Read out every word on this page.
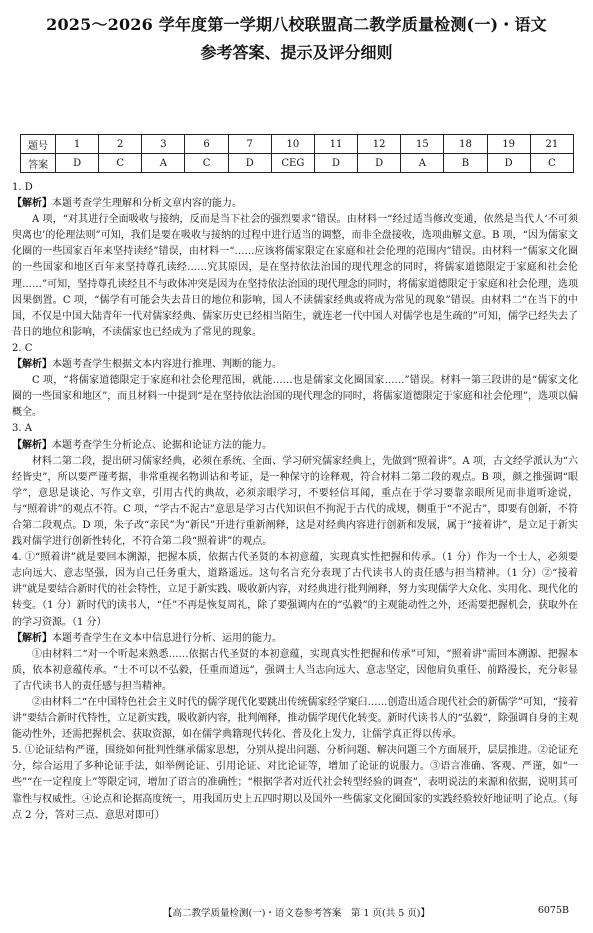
2025～2026 学年度第一学期八校联盟高二教学质量检测(一)・语文
参考答案、提示及评分细则
题号	1	2	3	6	7	10	11	12	15	18	19	21
答案	D	C	A	C	D	CEG	D	D	A	B	D	C

1. D

【解析】本题考查学生理解和分析文章内容的能力。

A 项，“对其进行全面吸收与接纳，反而是当下社会的强烈要求”错误。由材料一“经过适当修改变通，依然是当代人‘不可须臾离也’的伦理法则”可知，我们是要在吸收与接纳的过程中进行适当的调整，而非全盘接收，选项曲解文意。B 项，“因为儒家文化圈的一些国家百年来坚持读经”错误，由材料一“……应该将儒家限定在家庭和社会伦理的范围内”错误。由材料一“儒家文化圈的一些国家和地区百年来坚持尊孔读经……究其原因，是在坚持依法治国的现代理念的同时，将儒家道德限定于家庭和社会伦理……”可知，坚持尊孔读经且不与政体冲突是因为在坚持依法治国的现代理念的同时，将儒家道德限定于家庭和社会伦理，选项因果倒置。C 项，“儒学有可能会失去昔日的地位和影响，国人不读儒家经典或将成为常见的现象”错误。由材料二“在当下的中国，不仅是中国大陆青年一代对儒家经典、儒家历史已经相当陌生，就连老一代中国人对儒学也是生疏的”可知，儒学已经失去了昔日的地位和影响，不读儒家也已经成为了常见的现象。

2. C

【解析】本题考查学生根据文本内容进行推理、判断的能力。

C 项，“将儒家道德限定于家庭和社会伦理范围，就能……也是儒家文化圈国家……”错误。材料一第三段讲的是“儒家文化圈的一些国家和地区”，而且材料一中提到“是在坚持依法治国的现代理念的同时，将儒家道德限定于家庭和社会伦理”，选项以偏概全。

3. A

【解析】本题考查学生分析论点、论据和论证方法的能力。

材料二第二段，提出研习儒家经典，必须在系统、全面、学习研究儒家经典上，先做到“照着讲”。A 项，古文经学派认为“六经皆史”，所以要严谨考据，非常重视名物训诂和考证，是一种保守的诠释观，符合材料二第二段的观点。B 项，颜之推强调“眼学”，意思是谈论、写作文章，引用古代的典故，必须亲眼学习，不要轻信耳闻，重点在于学习要靠亲眼所见而非道听途说，与“照着讲”的观点不符。C 项，“学古不泥古”意思是学习古代知识但不拘泥于古代的成规，侧重于“不泥古”，即要有创新，不符合第二段观点。D 项，朱子改“亲民”为“新民”开进行重新阐释，这是对经典内容进行创新和发展，属于“接着讲”，是立足于新实践对儒学进行创新性转化，不符合第二段“照着讲”的观点。

4. ①“照着讲”就是要回本溯源，把握本质，依据古代圣贤的本初意蕴，实现真实性把握和传承。（1 分）作为一个士人，必须要志向远大、意志坚强，因为自己任务重大，道路遥远。这句名言充分表现了古代读书人的责任感与担当精神。（1 分）②“接着讲”就是要结合新时代的社会特性，立足于新实践、吸收新内容，对经典进行批判阐释，努力实现儒学大众化、实用化、现代化的转变。（1 分）新时代的读书人，“任”不再是恢复周礼，除了要强调内在的“弘毅”的主观能动性之外，还需要把握机会，获取外在的学习资源。（1 分）

【解析】本题考查学生在文本中信息进行分析、运用的能力。

①由材料二“对一个听起来熟悉……依据古代圣贤的本初意蕴，实现真实性把握和传承”可知，“照着讲”需回本溯源、把握本质，依本初意蕴传承。“士不可以不弘毅，任重而道远”，强调士人当志向远大、意志坚定，因他肩负重任、前路漫长，充分彰显了古代读书人的责任感与担当精神。

②由材料二“在中国特色社会主义时代的儒学现代化要跳出传统儒家经学窠臼……创造出适合现代社会的新儒学”可知，“接着讲”要结合新时代特性，立足新实践，吸收新内容，批判阐释，推动儒学现代化转变。新时代读书人的“弘毅”，除强调自身的主观能动性外，还需把握机会、获取资源，如在儒学典籍现代转化、普及化上发力，让儒学真正得以传承。

5. ①论证结构严谨，围绕如何批判性继承儒家思想，分别从提出问题、分析问题、解决问题三个方面展开，层层推进。②论证充分，综合运用了多种论证手法，如举例论证、引用论证、对比论证等，增加了论证的说服力。③语言准确、客观、严谨，如“一些”“在一定程度上”等限定词，增加了语言的准确性；“根据学者对近代社会转型经验的调查”，表明说法的来源和依据，说明其可靠性与权威性。④论点和论据高度统一，用我国历史上五四时期以及国外一些儒家文化圈国家的实践经验较好地证明了论点。（每点 2 分，答对三点、意思对即可）

【高二教学质量检测(一)・语文卷参考答案　第 1 页(共 5 页)】	6075B
